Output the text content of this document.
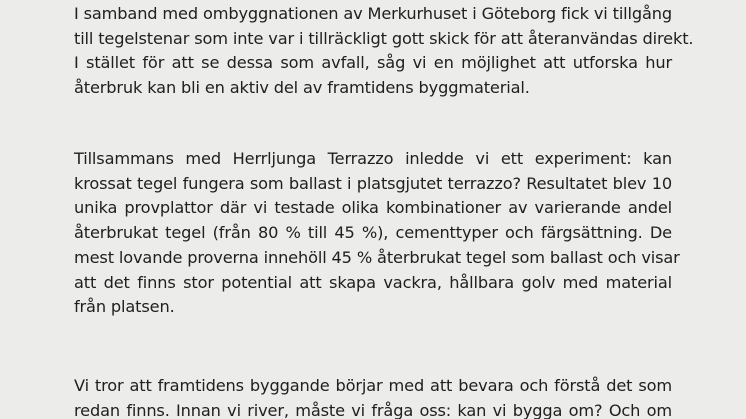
I samband med ombyggnationen av Merkurhuset i Göteborg fick vi tillgång
till tegelstenar som inte var i tillräckligt gott skick för att återanvändas direkt.
I stället för att se dessa som avfall, såg vi en möjlighet att utforska hur
återbruk kan bli en aktiv del av framtidens byggmaterial.

Tillsammans med Herrljunga Terrazzo inledde vi ett experiment: kan
krossat tegel fungera som ballast i platsgjutet terrazzo? Resultatet blev 10
unika provplattor där vi testade olika kombinationer av varierande andel
återbrukat tegel (från 80 % till 45 %), cementtyper och färgsättning. De
mest lovande proverna innehöll 45 % återbrukat tegel som ballast och visar
att det finns stor potential att skapa vackra, hållbara golv med material
från platsen.

Vi tror att framtidens byggande börjar med att bevara och förstå det som
redan finns. Innan vi river, måste vi fråga oss: kan vi bygga om? Och om
